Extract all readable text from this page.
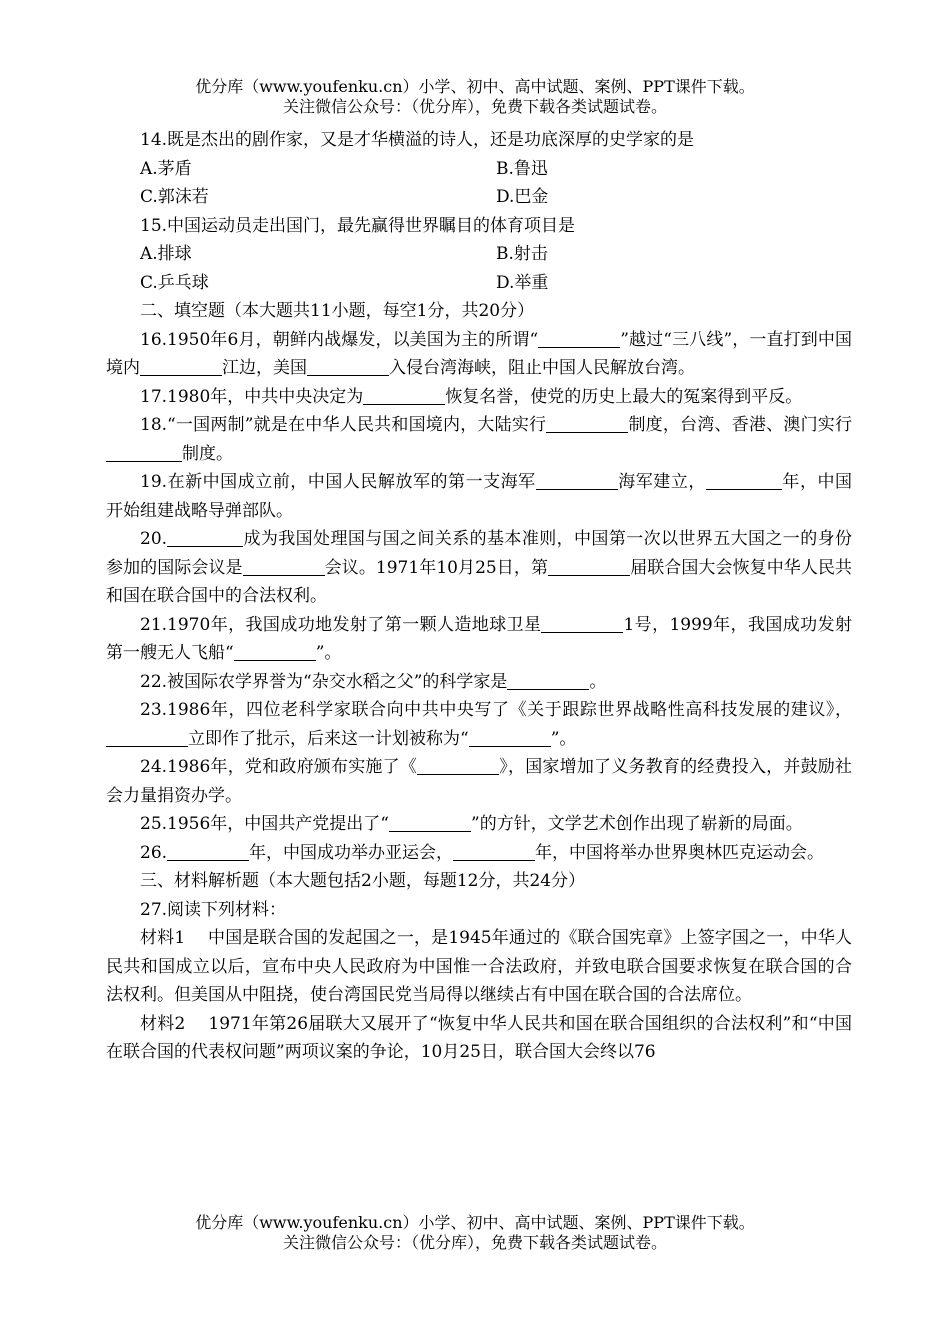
优分库（www.youfenku.cn）小学、初中、高中试题、案例、PPT课件下载。
关注微信公众号：（优分库），免费下载各类试题试卷。

14.既是杰出的剧作家，又是才华横溢的诗人，还是功底深厚的史学家的是

A.茅盾	B.鲁迅
C.郭沫若	D.巴金

15.中国运动员走出国门，最先赢得世界瞩目的体育项目是

A.排球	B.射击
C.乒乓球	D.举重

二、填空题（本大题共11小题，每空1分，共20分）

16.1950年6月，朝鲜内战爆发，以美国为主的所谓“	”越过“三八线”，一直打到中国境内	江边，美国	入侵台湾海峡，阻止中国人民解放台湾。

17.1980年，中共中央决定为	恢复名誉，使党的历史上最大的冤案得到平反。

18.“一国两制”就是在中华人民共和国境内，大陆实行	制度，台湾、香港、澳门实行制度。

19.在新中国成立前，中国人民解放军的第一支海军	海军建立，	年，中国开始组建战略导弹部队。

20.	成为我国处理国与国之间关系的基本准则，中国第一次以世界五大国之一的身份参加的国际会议是	会议。1971年10月25日，第	届联合国大会恢复中华人民共和国在联合国中的合法权利。

21.1970年，我国成功地发射了第一颗人造地球卫星	1号，1999年，我国成功发射第一艘无人飞船“	”。

22.被国际农学界誉为“杂交水稻之父”的科学家是	。

23.1986年，四位老科学家联合向中共中央写了《关于跟踪世界战略性高科技发展的建议》，立即作了批示，后来这一计划被称为“	”。

24.1986年，党和政府颁布实施了《	》，国家增加了义务教育的经费投入，并鼓励社会力量捐资办学。

25.1956年，中国共产党提出了“	”的方针，文学艺术创作出现了崭新的局面。

26.	年，中国成功举办亚运会，	年，中国将举办世界奥林匹克运动会。

三、材料解析题（本大题包括2小题，每题12分，共24分）

27.阅读下列材料：

材料1　 中国是联合国的发起国之一，是1945年通过的《联合国宪章》上签字国之一，中华人民共和国成立以后，宣布中央人民政府为中国惟一合法政府，并致电联合国要求恢复在联合国的合法权利。但美国从中阻挠，使台湾国民党当局得以继续占有中国在联合国的合法席位。

材料2　 1971年第26届联大又展开了“恢复中华人民共和国在联合国组织的合法权利”和“中国在联合国的代表权问题”两项议案的争论，10月25日，联合国大会终以76

优分库（www.youfenku.cn）小学、初中、高中试题、案例、PPT课件下载。
关注微信公众号：（优分库），免费下载各类试题试卷。
